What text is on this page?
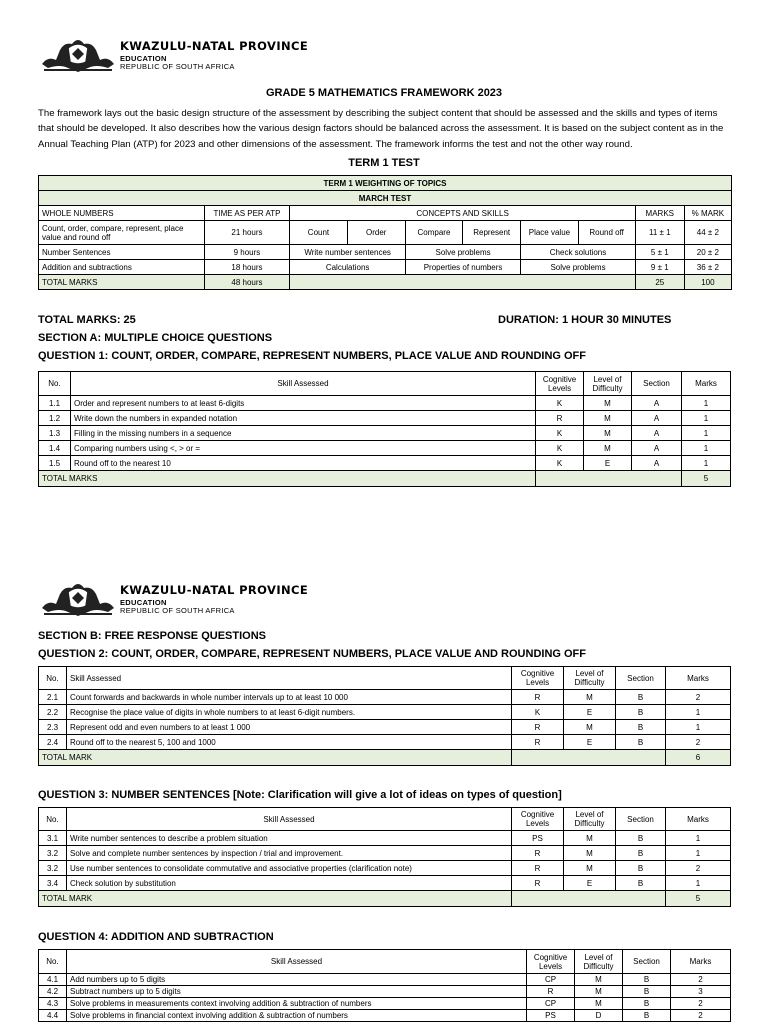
KWAZULU-NATAL PROVINCE
EDUCATION
REPUBLIC OF SOUTH AFRICA
GRADE 5 MATHEMATICS FRAMEWORK 2023
The framework lays out the basic design structure of the assessment by describing the subject content that should be assessed and the skills and types of items that should be developed. It also describes how the various design factors should be balanced across the assessment. It is based on the subject content as in the Annual Teaching Plan (ATP) for 2023 and other dimensions of the assessment. The framework informs the test and not the other way round.
TERM 1 TEST
TERM 1 WEIGHTING OF TOPICS									
MARCH TEST									
WHOLE NUMBERS	TIME AS PER ATP	CONCEPTS AND SKILLS						MARKS	% MARK
Count, order, compare, represent, place value and round off	21 hours	Count	Order	Compare	Represent	Place value	Round off	11 ± 1	44 ± 2
Number Sentences	9 hours	Write number sentences		Solve problems		Check solutions		5 ± 1	20 ± 2
Addition and subtractions	18 hours	Calculations		Properties of numbers		Solve problems		9 ± 1	36 ± 2
TOTAL MARKS	48 hours							25	100
TOTAL MARKS: 25	DURATION: 1 HOUR 30 MINUTES
SECTION A: MULTIPLE CHOICE QUESTIONS
QUESTION 1: COUNT, ORDER, COMPARE, REPRESENT NUMBERS, PLACE VALUE AND ROUNDING OFF
No.	Skill Assessed	Cognitive Levels	Level of Difficulty	Section	Marks
1.1	Order and represent numbers to at least 6-digits	K	M	A	1
1.2	Write down the numbers in expanded notation	R	M	A	1
1.3	Filling in the missing numbers in a sequence	K	M	A	1
1.4	Comparing numbers using <, > or =	K	M	A	1
1.5	Round off to the nearest 10	K	E	A	1
TOTAL MARKS					5
KWAZULU-NATAL PROVINCE
EDUCATION
REPUBLIC OF SOUTH AFRICA
SECTION B: FREE RESPONSE QUESTIONS
QUESTION 2: COUNT, ORDER, COMPARE, REPRESENT NUMBERS, PLACE VALUE AND ROUNDING OFF
No.	Skill Assessed	Cognitive Levels	Level of Difficulty	Section	Marks
2.1	Count forwards and backwards in whole number intervals up to at least 10 000	R	M	B	2
2.2	Recognise the place value of digits in whole numbers to at least 6-digit numbers.	K	E	B	1
2.3	Represent odd and even numbers to at least 1 000	R	M	B	1
2.4	Round off to the nearest 5, 100 and 1000	R	E	B	2
TOTAL MARK					6
QUESTION 3: NUMBER SENTENCES [Note: Clarification will give a lot of ideas on types of question]
No.	Skill Assessed	Cognitive Levels	Level of Difficulty	Section	Marks
3.1	Write number sentences to describe a problem situation	PS	M	B	1
3.2	Solve and complete number sentences by inspection / trial and improvement.	R	M	B	1
3.2	Use number sentences to consolidate commutative and associative properties (clarification note)	R	M	B	2
3.4	Check solution by substitution	R	E	B	1
TOTAL MARK					5
QUESTION 4: ADDITION AND SUBTRACTION
No.	Skill Assessed	Cognitive Levels	Level of Difficulty	Section	Marks
4.1	Add numbers up to 5 digits	CP	M	B	2
4.2	Subtract numbers up to 5 digits	R	M	B	3
4.3	Solve problems in measurements context involving addition & subtraction of numbers	CP	M	B	2
4.4	Solve problems in financial context involving addition & subtraction of numbers	PS	D	B	2
